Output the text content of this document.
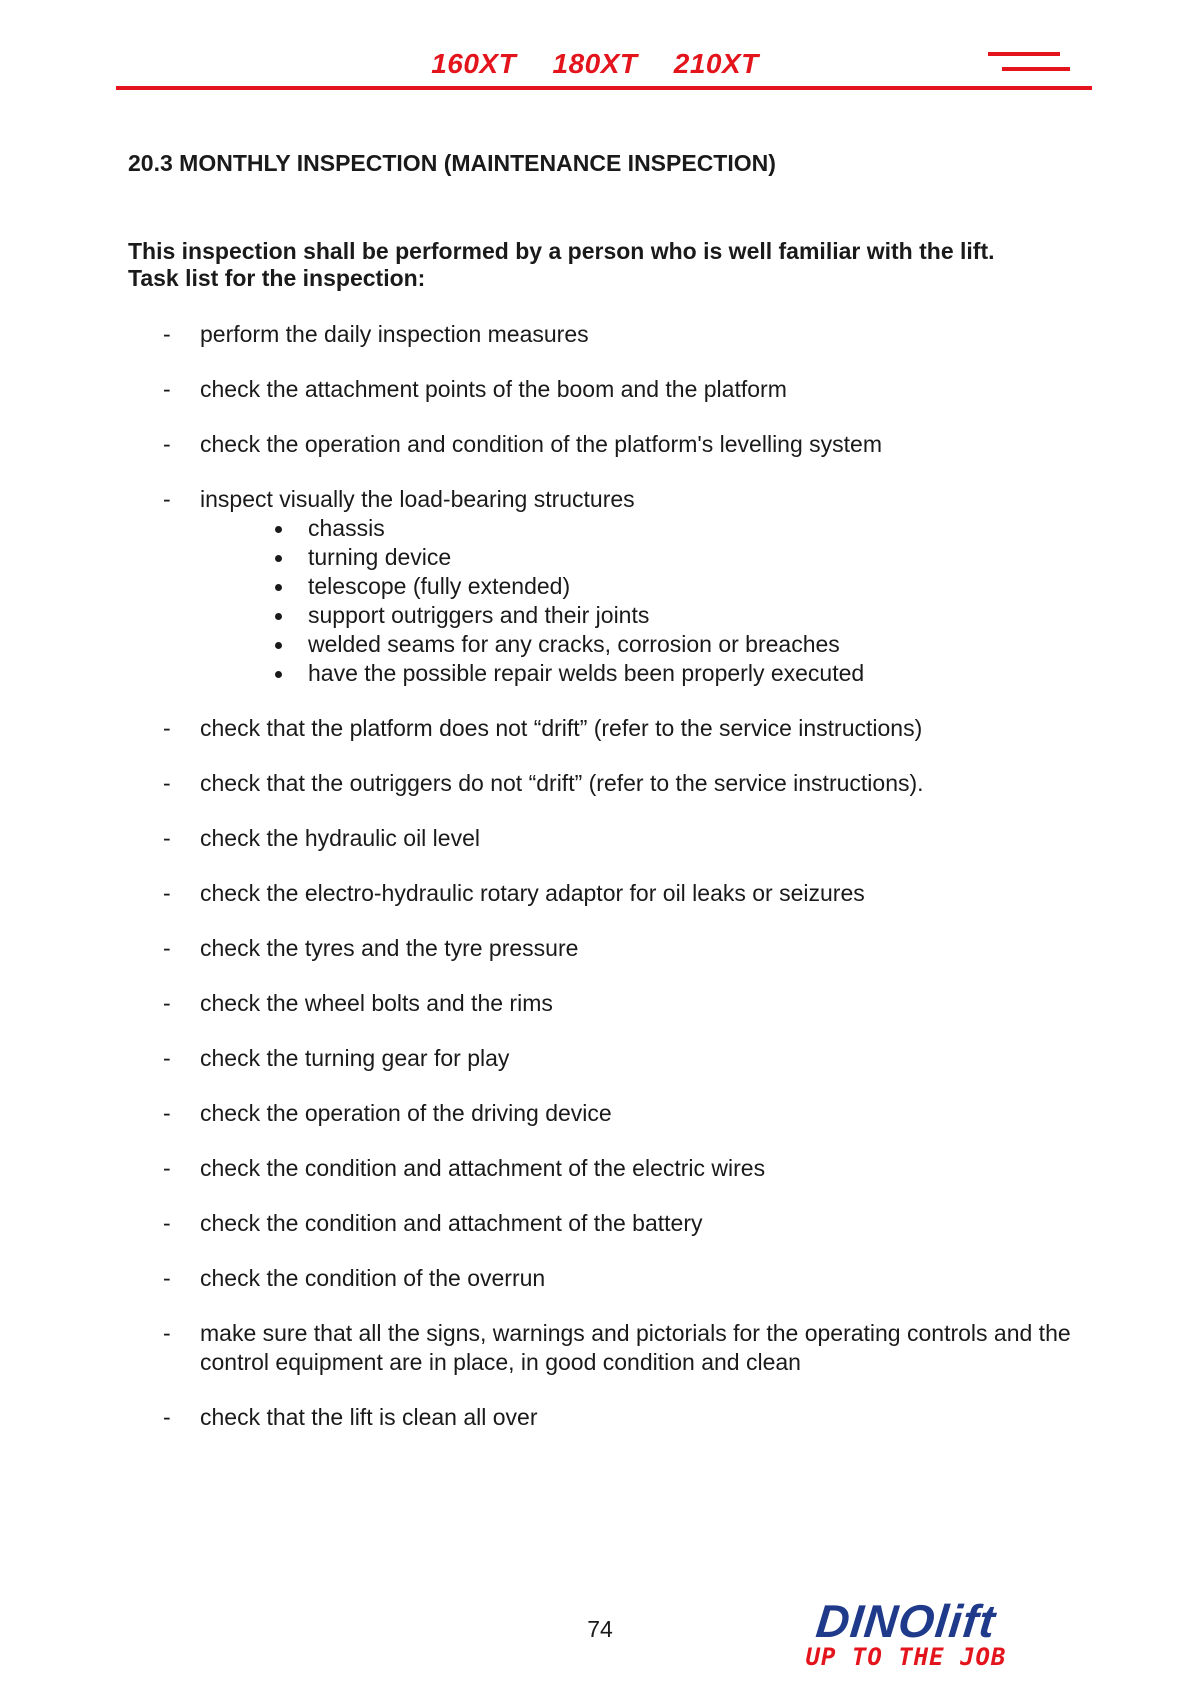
160XT 180XT 210XT
20.3 MONTHLY INSPECTION (MAINTENANCE INSPECTION)
This inspection shall be performed by a person who is well familiar with the lift.
Task list for the inspection:
- perform the daily inspection measures
- check the attachment points of the boom and the platform
- check the operation and condition of the platform's levelling system
- inspect visually the load-bearing structures
chassis
turning device
telescope (fully extended)
support outriggers and their joints
welded seams for any cracks, corrosion or breaches
have the possible repair welds been properly executed
- check that the platform does not “drift” (refer to the service instructions)
- check that the outriggers do not “drift” (refer to the service instructions).
- check the hydraulic oil level
- check the electro-hydraulic rotary adaptor for oil leaks or seizures
- check the tyres and the tyre pressure
- check the wheel bolts and the rims
- check the turning gear for play
- check the operation of the driving device
- check the condition and attachment of the electric wires
- check the condition and attachment of the battery
- check the condition of the overrun
- make sure that all the signs, warnings and pictorials for the operating controls and the control equipment are in place, in good condition and clean
- check that the lift is clean all over
74	DINOlift
UP TO THE JOB
